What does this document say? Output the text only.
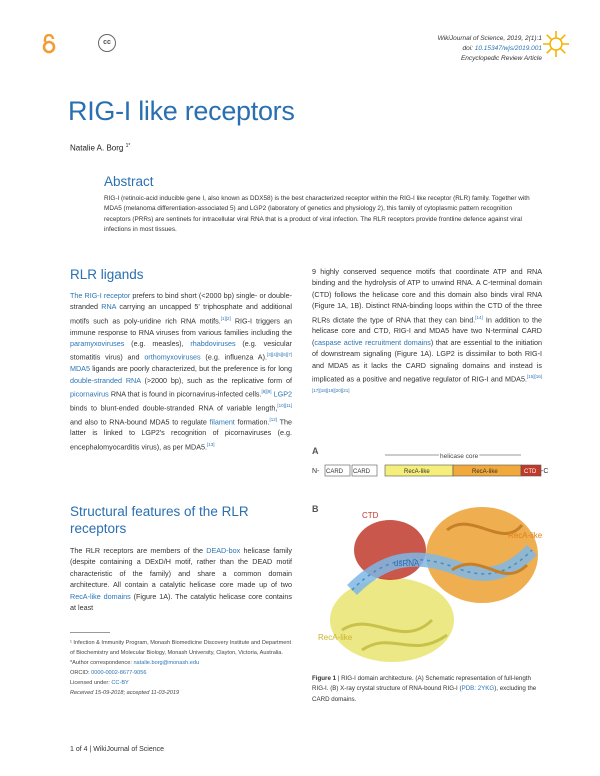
cc
WikiJournal of Science, 2019, 2(1):1
doi: 10.15347/wjs/2019.001
Encyclopedic Review Article
RIG-I like receptors
Natalie A. Borg $^{1*}$
Abstract
RIG-I (retinoic-acid inducible gene I, also known as DDX58) is the best characterized receptor within the RIG-I like receptor (RLR) family. Together with MDA5 (melanoma differentiation-associated 5) and LGP2 (laboratory of genetics and physiology 2), this family of cytoplasmic pattern recognition receptors (PRRs) are sentinels for intracellular viral RNA that is a product of viral infection. The RLR receptors provide frontline defence against viral infections in most tissues.
RLR ligands
The RIG-I receptor prefers to bind short (<2000 bp) single- or double-stranded RNA carrying an uncapped 5′ triphosphate and additional motifs such as poly-uridine rich RNA motifs.[1][2] RIG-I triggers an immune response to RNA viruses from various families including the paramyxoviruses (e.g. measles), rhabdoviruses (e.g. vesicular stomatitis virus) and orthomyxoviruses (e.g. influenza A).[3][4][5][6][7] MDA5 ligands are poorly characterized, but the preference is for long double-stranded RNA (>2000 bp), such as the replicative form of picornavirus RNA that is found in picornavirus-infected cells.[8][9] LGP2 binds to blunt-ended double-stranded RNA of variable length,[10][11] and also to RNA-bound MDA5 to regulate filament formation.[12] The latter is linked to LGP2's recognition of picornaviruses (e.g. encephalomyocarditis virus), as per MDA5.[13]
Structural features of the RLR receptors
The RLR receptors are members of the DEAD-box helicase family (despite containing a DExD/H motif, rather than the DEAD motif characteristic of the family) and share a common domain architecture. All contain a catalytic helicase core made up of two RecA-like domains (Figure 1A). The catalytic helicase core contains at least
9 highly conserved sequence motifs that coordinate ATP and RNA binding and the hydrolysis of ATP to unwind RNA. A C-terminal domain (CTD) follows the helicase core and this domain also binds viral RNA (Figure 1A, 1B). Distinct RNA-binding loops within the CTD of the three RLRs dictate the type of RNA that they can bind.[14] In addition to the helicase core and CTD, RIG-I and MDA5 have two N-terminal CARD (caspase active recruitment domains) that are essential to the initiation of downstream signaling (Figure 1A). LGP2 is dissimilar to both RIG-I and MDA5 as it lacks the CARD signaling domains and instead is implicated as a positive and negative regulator of RIG-I and MDA5.[15][16][17][18][19][20][21]
A
helicase core
N- CARD CARD	RecA-like	RecA-like	CTD -C
B
CTD
RecA-like
dsRNA
RecA-like
Figure 1 | RIG-I domain architecture. (A) Schematic representation of full-length RIG-I. (B) X-ray crystal structure of RNA-bound RIG-I (PDB: 2YKG), excluding the CARD domains.
¹ Infection & Immunity Program, Monash Biomedicine Discovery Institute and Department of Biochemistry and Molecular Biology, Monash University, Clayton, Victoria, Australia.
*Author correspondence: natalie.borg@monash.edu
ORCID: 0000-0002-8677-9056
Licensed under: CC-BY
Received 15-09-2018; accepted 11-03-2019
1 of 4 | WikiJournal of Science
